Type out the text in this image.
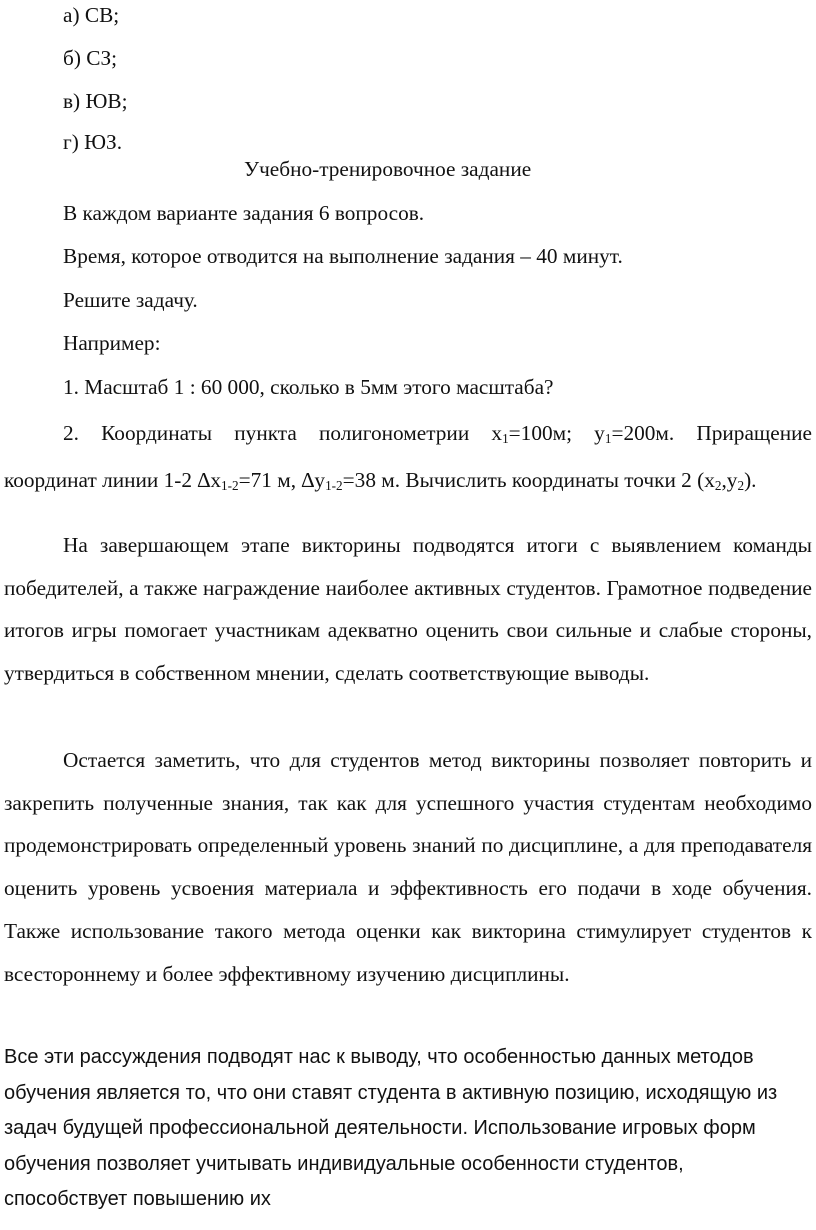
а) СВ;
б) СЗ;
в) ЮВ;
г) ЮЗ.
Учебно-тренировочное задание
В каждом варианте задания 6 вопросов.
Время, которое отводится на выполнение задания – 40 минут.
Решите задачу.
Например:
1. Масштаб 1 : 60 000, сколько в 5мм этого масштаба?
2. Координаты пункта полигонометрии $x_1=100м$; $y_1=200м$. Приращение
координат линии 1-2 $\Delta x_{1-2}=71$ м, $\Delta y_{1-2}=38$ м. Вычислить координаты точки 2 $(x_2,y_2)$.

На завершающем этапе викторины подводятся итоги с выявлением команды победителей, а также награждение наиболее активных студентов. Грамотное подведение итогов игры помогает участникам адекватно оценить свои сильные и слабые стороны, утвердиться в собственном мнении, сделать соответствующие выводы.

Остается заметить, что для студентов метод викторины позволяет повторить и закрепить полученные знания, так как для успешного участия студентам необходимо продемонстрировать определенный уровень знаний по дисциплине, а для преподавателя оценить уровень усвоения материала и эффективность его подачи в ходе обучения. Также использование такого метода оценки как викторина стимулирует студентов к всестороннему и более эффективному изучению дисциплины.

Все эти рассуждения подводят нас к выводу, что особенностью данных методов обучения является то, что они ставят студента в активную позицию, исходящую из задач будущей профессиональной деятельности. Использование игровых форм обучения позволяет учитывать индивидуальные особенности студентов, способствует повышению их
